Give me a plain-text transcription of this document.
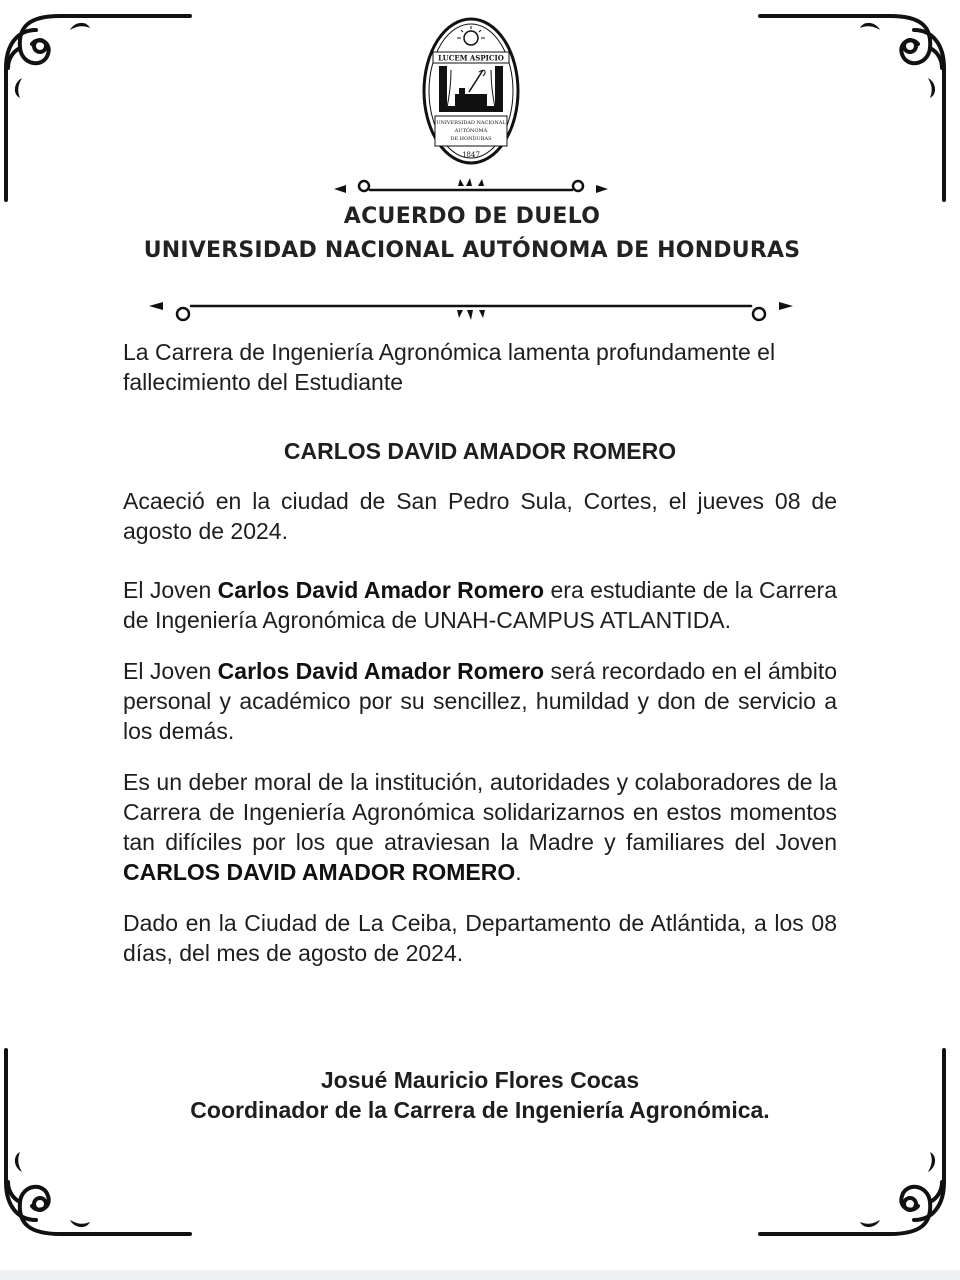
LUCEM ASPICIO
UNIVERSIDAD NACIONAL
AUTÓNOMA
DE HONDURAS
1847
ACUERDO DE DUELO
UNIVERSIDAD NACIONAL AUTÓNOMA DE HONDURAS

La Carrera de Ingeniería Agronómica lamenta profundamente el fallecimiento del Estudiante

CARLOS DAVID AMADOR ROMERO

Acaeció en la ciudad de San Pedro Sula, Cortes, el jueves 08 de agosto de 2024.

El Joven Carlos David Amador Romero era estudiante de la Carrera de Ingeniería Agronómica de UNAH-CAMPUS ATLANTIDA.

El Joven Carlos David Amador Romero será recordado en el ámbito personal y académico por su sencillez, humildad y don de servicio a los demás.

Es un deber moral de la institución, autoridades y colaboradores de la Carrera de Ingeniería Agronómica solidarizarnos en estos momentos tan difíciles por los que atraviesan la Madre y familiares del Joven CARLOS DAVID AMADOR ROMERO.

Dado en la Ciudad de La Ceiba, Departamento de Atlántida, a los 08 días, del mes de agosto de 2024.

Josué Mauricio Flores Cocas
Coordinador de la Carrera de Ingeniería Agronómica.
